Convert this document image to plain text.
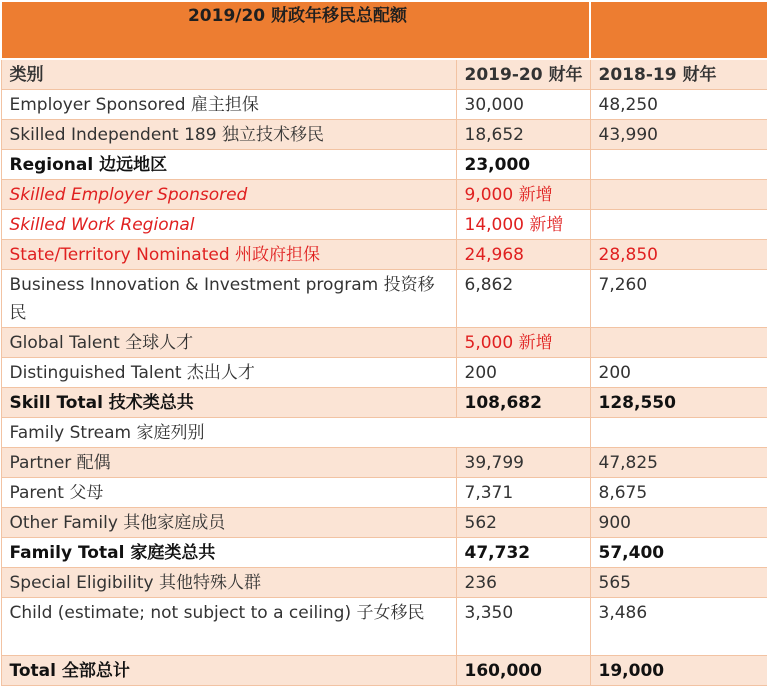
2019/20 财政年移民总配额		
类别	2019-20 财年	2018-19 财年
Employer Sponsored 雇主担保	30,000	48,250
Skilled Independent 189 独立技术移民	18,652	43,990
Regional 边远地区	23,000	
Skilled Employer Sponsored	9,000 新增	
Skilled Work Regional	14,000 新增	
State/Territory Nominated 州政府担保	24,968	28,850
Business Innovation & Investment program 投资移民	6,862	7,260
Global Talent 全球人才	5,000 新增	
Distinguished Talent 杰出人才	200	200
Skill Total 技术类总共	108,682	128,550
Family Stream 家庭列别		
Partner 配偶	39,799	47,825
Parent 父母	7,371	8,675
Other Family 其他家庭成员	562	900
Family Total 家庭类总共	47,732	57,400
Special Eligibility 其他特殊人群	236	565
Child (estimate; not subject to a ceiling) 子女移民	3,350	3,486
Total 全部总计	160,000	19,000
